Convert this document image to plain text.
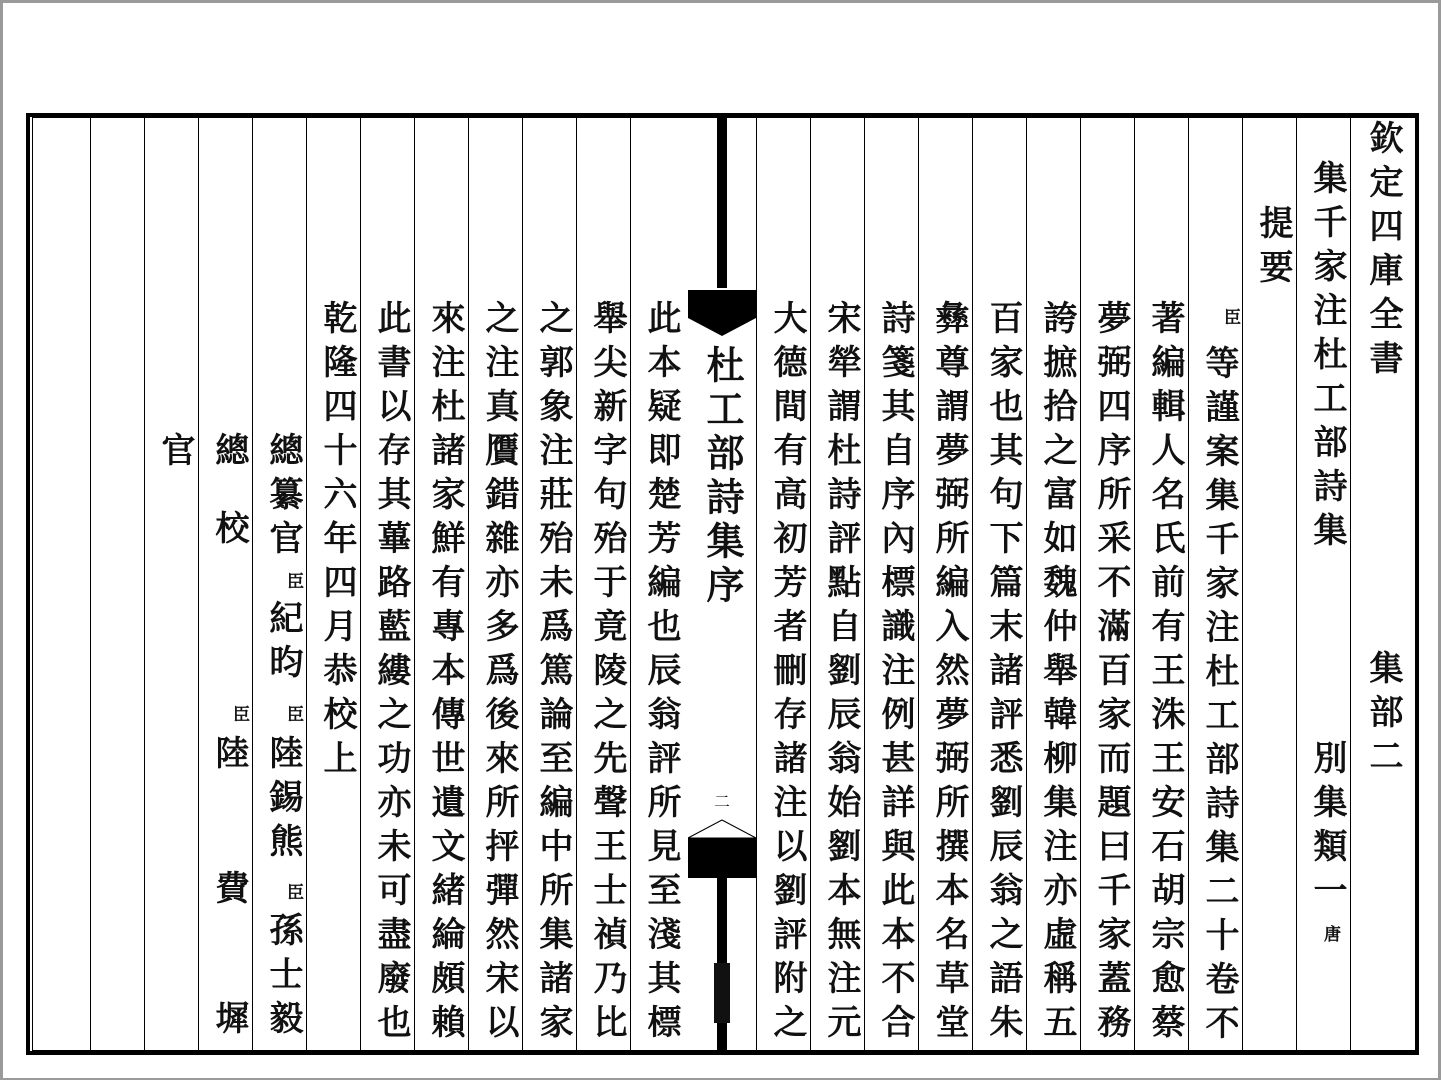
杜工部詩集序
二
欽定四庫全書
集部二
集千家注杜工部詩集
別集類一
唐
提要
臣
等謹案集千家注杜工部詩集二十卷不
著編輯人名氏前有王洙王安石胡宗愈蔡
夢弼四序所采不滿百家而題曰千家蓋務
誇摭拾之富如魏仲舉韓柳集注亦虛稱五
百家也其句下篇末諸評悉劉辰翁之語朱
彝尊謂夢弼所編入然夢弼所撰本名草堂
詩箋其自序內標識注例甚詳與此本不合
宋犖謂杜詩評點自劉辰翁始劉本無注元
大德間有高初芳者刪存諸注以劉評附之
此本疑即楚芳編也辰翁評所見至淺其標
舉尖新字句殆于竟陵之先聲王士禎乃比
之郭象注莊殆未爲篤論至編中所集諸家
之注真贋錯雜亦多爲後來所抨彈然宋以
來注杜諸家鮮有專本傳世遺文緒綸頗賴
此書以存其蓽路藍縷之功亦未可盡廢也
乾隆四十六年四月恭校上
總纂官
臣
紀昀
臣
陸錫熊
臣
孫士毅
總校官
臣
陸
費
墀
